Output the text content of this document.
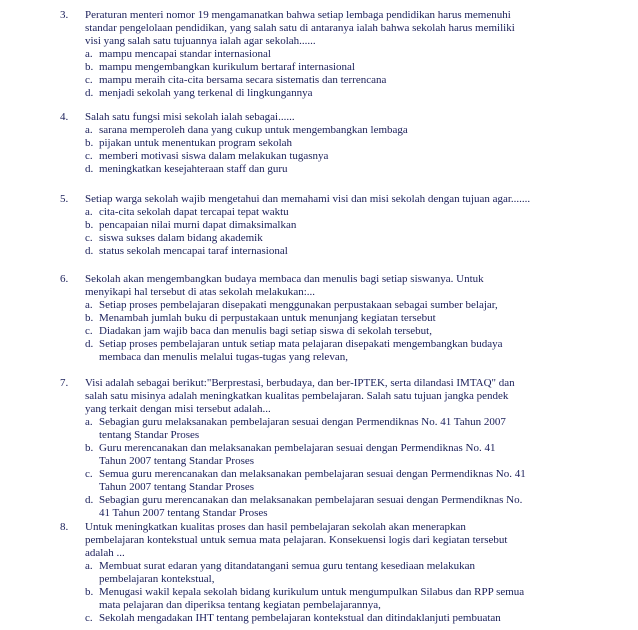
3. Peraturan menteri nomor 19 mengamanatkan bahwa setiap lembaga pendidikan harus memenuhi
standar pengelolaan pendidikan, yang salah satu di antaranya ialah bahwa sekolah harus memiliki
visi yang salah satu tujuannya ialah agar sekolah......
a. mampu mencapai standar internasional
b. mampu mengembangkan kurikulum bertaraf internasional
c. mampu meraih cita-cita bersama secara sistematis dan terrencana
d. menjadi sekolah yang terkenal di lingkungannya
4. Salah satu fungsi misi sekolah ialah sebagai......
a. sarana memperoleh dana yang cukup untuk mengembangkan lembaga
b. pijakan untuk menentukan program sekolah
c. memberi motivasi siswa dalam melakukan tugasnya
d. meningkatkan kesejahteraan staff dan guru
5. Setiap warga sekolah wajib mengetahui dan memahami visi dan misi sekolah dengan tujuan agar.......
a. cita-cita sekolah dapat tercapai tepat waktu
b. pencapaian nilai murni dapat dimaksimalkan
c. siswa sukses dalam bidang akademik
d. status sekolah mencapai taraf internasional
6. Sekolah akan mengembangkan budaya membaca dan menulis bagi setiap siswanya. Untuk
menyikapi hal tersebut di atas sekolah melakukan:...
a. Setiap proses pembelajaran disepakati menggunakan perpustakaan sebagai sumber belajar,
b. Menambah jumlah buku di perpustakaan untuk menunjang kegiatan tersebut
c. Diadakan jam wajib baca dan menulis bagi setiap siswa di sekolah tersebut,
d. Setiap proses pembelajaran untuk setiap mata pelajaran disepakati mengembangkan budaya
membaca dan menulis melalui tugas-tugas yang relevan,
7. Visi adalah sebagai berikut:"Berprestasi, berbudaya, dan ber-IPTEK, serta dilandasi IMTAQ" dan
salah satu misinya adalah meningkatkan kualitas pembelajaran. Salah satu tujuan jangka pendek
yang terkait dengan misi tersebut adalah...
a. Sebagian guru melaksanakan pembelajaran sesuai dengan Permendiknas No. 41 Tahun 2007
tentang Standar Proses
b. Guru merencanakan dan melaksanakan pembelajaran sesuai dengan Permendiknas No. 41
Tahun 2007 tentang Standar Proses
c. Semua guru merencanakan dan melaksanakan pembelajaran sesuai dengan Permendiknas No. 41
Tahun 2007 tentang Standar Proses
d. Sebagian guru merencanakan dan melaksanakan pembelajaran sesuai dengan Permendiknas No.
41 Tahun 2007 tentang Standar Proses
8. Untuk meningkatkan kualitas proses dan hasil pembelajaran sekolah akan menerapkan
pembelajaran kontekstual untuk semua mata pelajaran. Konsekuensi logis dari kegiatan tersebut
adalah ...
a. Membuat surat edaran yang ditandatangani semua guru tentang kesediaan melakukan
pembelajaran kontekstual,
b. Menugasi wakil kepala sekolah bidang kurikulum untuk mengumpulkan Silabus dan RPP semua
mata pelajaran dan diperiksa tentang kegiatan pembelajarannya,
c. Sekolah mengadakan IHT tentang pembelajaran kontekstual dan ditindaklanjuti pembuatan
